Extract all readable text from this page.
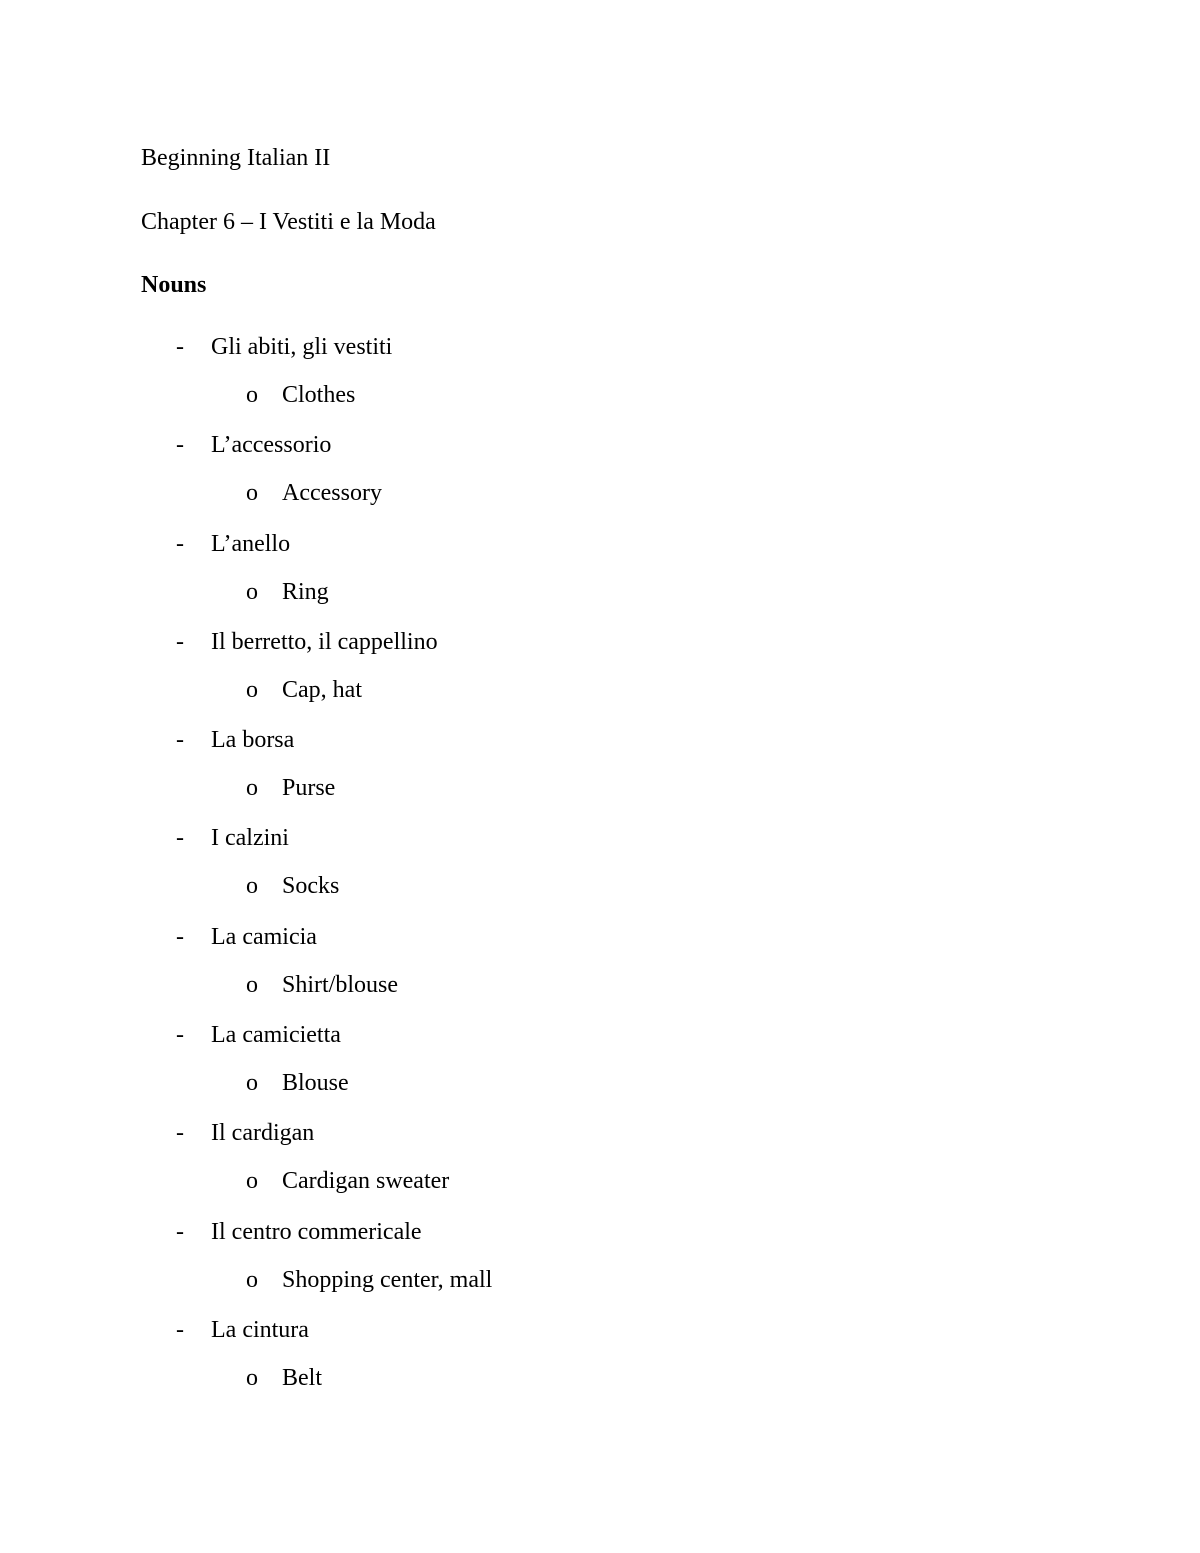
Beginning Italian II
Chapter 6 – I Vestiti e la Moda
Nouns
- Gli abiti, gli vestiti
o Clothes
- L’accessorio
o Accessory
- L’anello
o Ring
- Il berretto, il cappellino
o Cap, hat
- La borsa
o Purse
- I calzini
o Socks
- La camicia
o Shirt/blouse
- La camicietta
o Blouse
- Il cardigan
o Cardigan sweater
- Il centro commericale
o Shopping center, mall
- La cintura
o Belt
